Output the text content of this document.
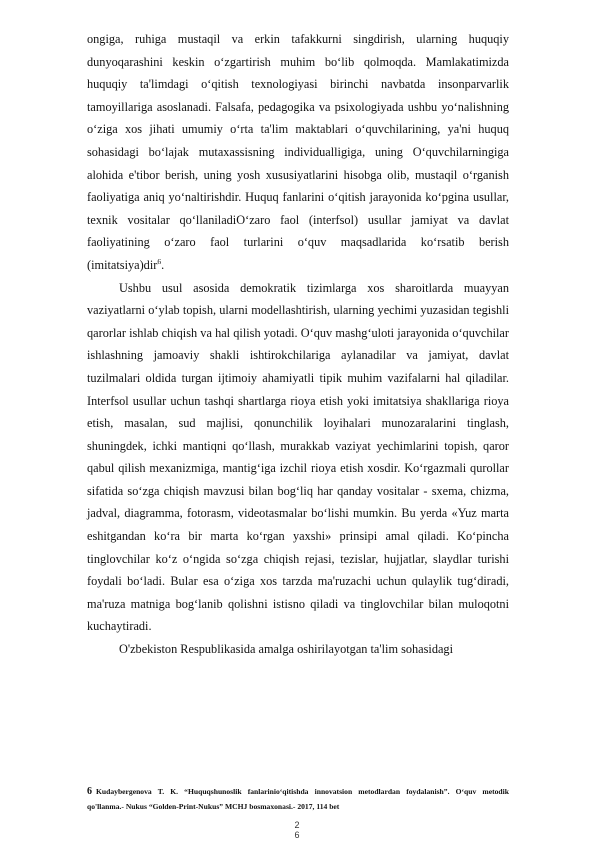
ongiga, ruhiga mustaqil va erkin tafakkurni singdirish, ularning huquqiy dunyoqarashini keskin o‘zgartirish muhim bo‘lib qolmoqda. Mamlakatimizda huquqiy ta'limdagi o‘qitish texnologiyasi birinchi navbatda insonparvarlik tamoyillariga asoslanadi. Falsafa, pedagogika va psixologiyada ushbu yo‘nalishning o‘ziga xos jihati umumiy o‘rta ta'lim maktablari o‘quvchilarining, ya'ni huquq sohasidagi bo‘lajak mutaxassisning individualligiga, uning O‘quvchilarningiga alohida e'tibor berish, uning yosh xususiyatlarini hisobga olib, mustaqil o‘rganish faoliyatiga aniq yo‘naltirishdir. Huquq fanlarini o‘qitish jarayonida ko‘pgina usullar, texnik vositalar qo‘llaniladiO‘zaro faol (interfsol) usullar jamiyat va davlat faoliyatining o‘zaro faol turlarini o‘quv maqsadlarida ko‘rsatib berish (imitatsiya)dir$^6$.

Ushbu usul asosida demokratik tizimlarga xos sharoitlarda muayyan vaziyatlarni o‘ylab topish, ularni modellashtirish, ularning yechimi yuzasidan tegishli qarorlar ishlab chiqish va hal qilish yotadi. O‘quv mashg‘uloti jarayonida o‘quvchilar ishlashning jamoaviy shakli ishtirokchilariga aylanadilar va jamiyat, davlat tuzilmalari oldida turgan ijtimoiy ahamiyatli tipik muhim vazifalarni hal qiladilar. Interfsol usullar uchun tashqi shartlarga rioya etish yoki imitatsiya shakllariga rioya etish, masalan, sud majlisi, qonunchilik loyihalari munozaralarini tinglash, shuningdek, ichki mantiqni qo‘llash, murakkab vaziyat yechimlarini topish, qaror qabul qilish mexanizmiga, mantig‘iga izchil rioya etish xosdir. Ko‘rgazmali qurollar sifatida so‘zga chiqish mavzusi bilan bog‘liq har qanday vositalar - sxema, chizma, jadval, diagramma, fotorasm, videotasmalar bo‘lishi mumkin. Bu yerda «Yuz marta eshitgandan ko‘ra bir marta ko‘rgan yaxshi» prinsipi amal qiladi. Ko‘pincha tinglovchilar ko‘z o‘ngida so‘zga chiqish rejasi, tezislar, hujjatlar, slaydlar turishi foydali bo‘ladi. Bular esa o‘ziga xos tarzda ma'ruzachi uchun qulaylik tug‘diradi, ma'ruza matniga bog‘lanib qolishni istisno qiladi va tinglovchilar bilan muloqotni kuchaytiradi.

O'zbekiston Respublikasida amalga oshirilayotgan ta'lim sohasidagi

6 Kudaybergenova T. K. “Huquqshunoslik fanlarinio‘qitishda innovatsion metodlardan foydalanish”. O‘quv metodik qo'llanma.- Nukus “Golden-Print-Nukus” MCHJ bosmaxonasi.- 2017, 114 bet
2
6
